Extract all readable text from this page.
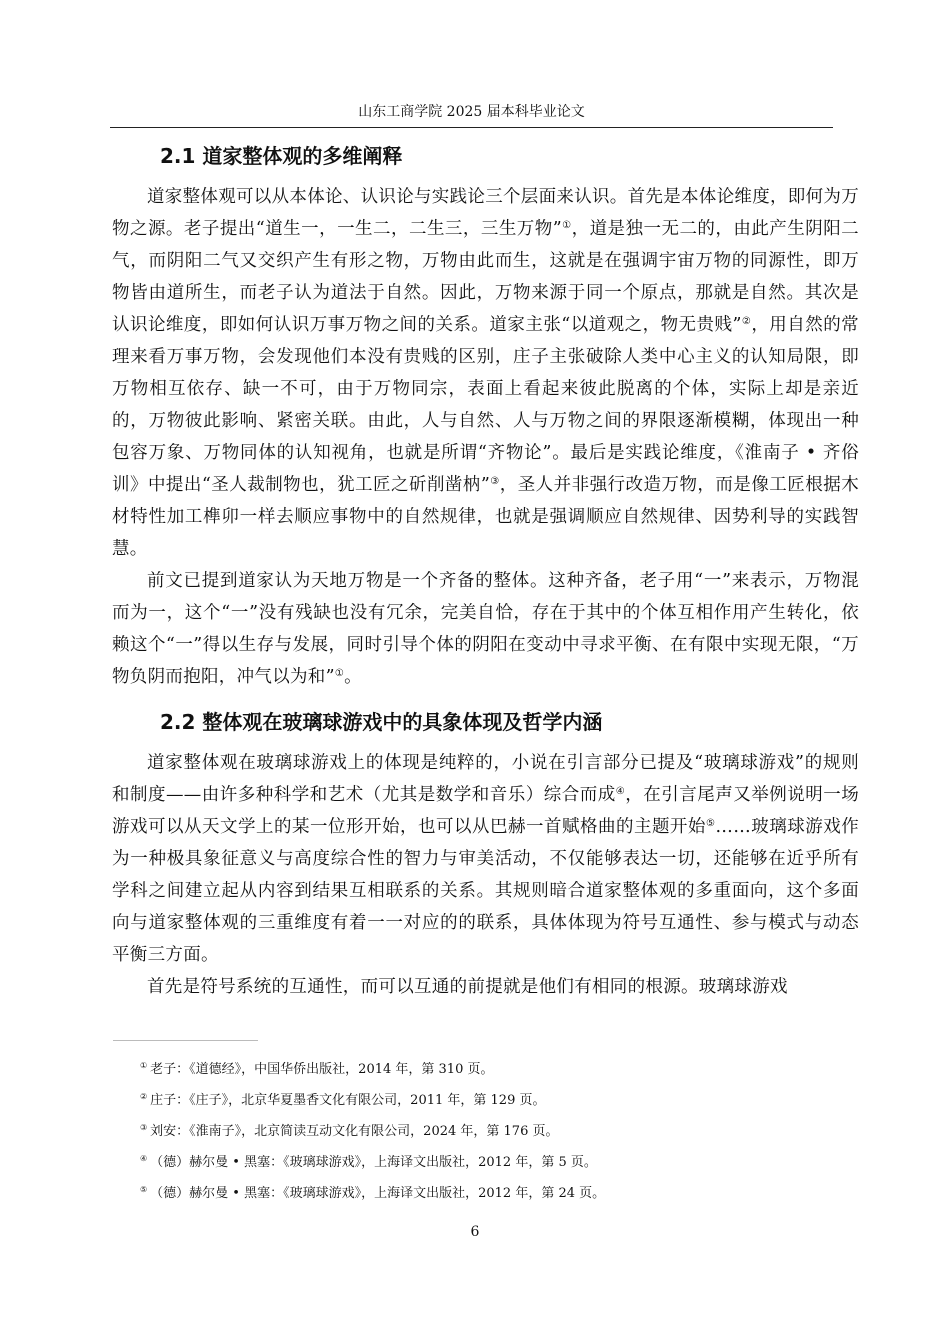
山东工商学院 2025 届本科毕业论文
2.1 道家整体观的多维阐释

道家整体观可以从本体论、认识论与实践论三个层面来认识。首先是本体论维度，即何为万物之源。老子提出“道生一，一生二，二生三，三生万物”①，道是独一无二的，由此产生阴阳二气，而阴阳二气又交织产生有形之物，万物由此而生，这就是在强调宇宙万物的同源性，即万物皆由道所生，而老子认为道法于自然。因此，万物来源于同一个原点，那就是自然。其次是认识论维度，即如何认识万事万物之间的关系。道家主张“以道观之，物无贵贱”②，用自然的常理来看万事万物，会发现他们本没有贵贱的区别，庄子主张破除人类中心主义的认知局限，即万物相互依存、缺一不可，由于万物同宗，表面上看起来彼此脱离的个体，实际上却是亲近的，万物彼此影响、紧密关联。由此，人与自然、人与万物之间的界限逐渐模糊，体现出一种包容万象、万物同体的认知视角，也就是所谓“齐物论”。最后是实践论维度，《淮南子 • 齐俗训》中提出“圣人裁制物也，犹工匠之斫削凿枘”③，圣人并非强行改造万物，而是像工匠根据木材特性加工榫卯一样去顺应事物中的自然规律，也就是强调顺应自然规律、因势利导的实践智慧。

前文已提到道家认为天地万物是一个齐备的整体。这种齐备，老子用“一”来表示，万物混而为一，这个“一”没有残缺也没有冗余，完美自恰，存在于其中的个体互相作用产生转化，依赖这个“一”得以生存与发展，同时引导个体的阴阳在变动中寻求平衡、在有限中实现无限，“万物负阴而抱阳，冲气以为和”①。

2.2 整体观在玻璃球游戏中的具象体现及哲学内涵

道家整体观在玻璃球游戏上的体现是纯粹的，小说在引言部分已提及“玻璃球游戏”的规则和制度——由许多种科学和艺术（尤其是数学和音乐）综合而成④，在引言尾声又举例说明一场游戏可以从天文学上的某一位形开始，也可以从巴赫一首赋格曲的主题开始⑤……玻璃球游戏作为一种极具象征意义与高度综合性的智力与审美活动，不仅能够表达一切，还能够在近乎所有学科之间建立起从内容到结果互相联系的关系。其规则暗合道家整体观的多重面向，这个多面向与道家整体观的三重维度有着一一对应的的联系，具体体现为符号互通性、参与模式与动态平衡三方面。

首先是符号系统的互通性，而可以互通的前提就是他们有相同的根源。玻璃球游戏

① 老子：《道德经》，中国华侨出版社，2014 年，第 310 页。
② 庄子：《庄子》，北京华夏墨香文化有限公司，2011 年，第 129 页。
③ 刘安：《淮南子》，北京简读互动文化有限公司，2024 年，第 176 页。
④ （德）赫尔曼 • 黑塞：《玻璃球游戏》，上海译文出版社，2012 年，第 5 页。
⑤ （德）赫尔曼 • 黑塞：《玻璃球游戏》，上海译文出版社，2012 年，第 24 页。
6
